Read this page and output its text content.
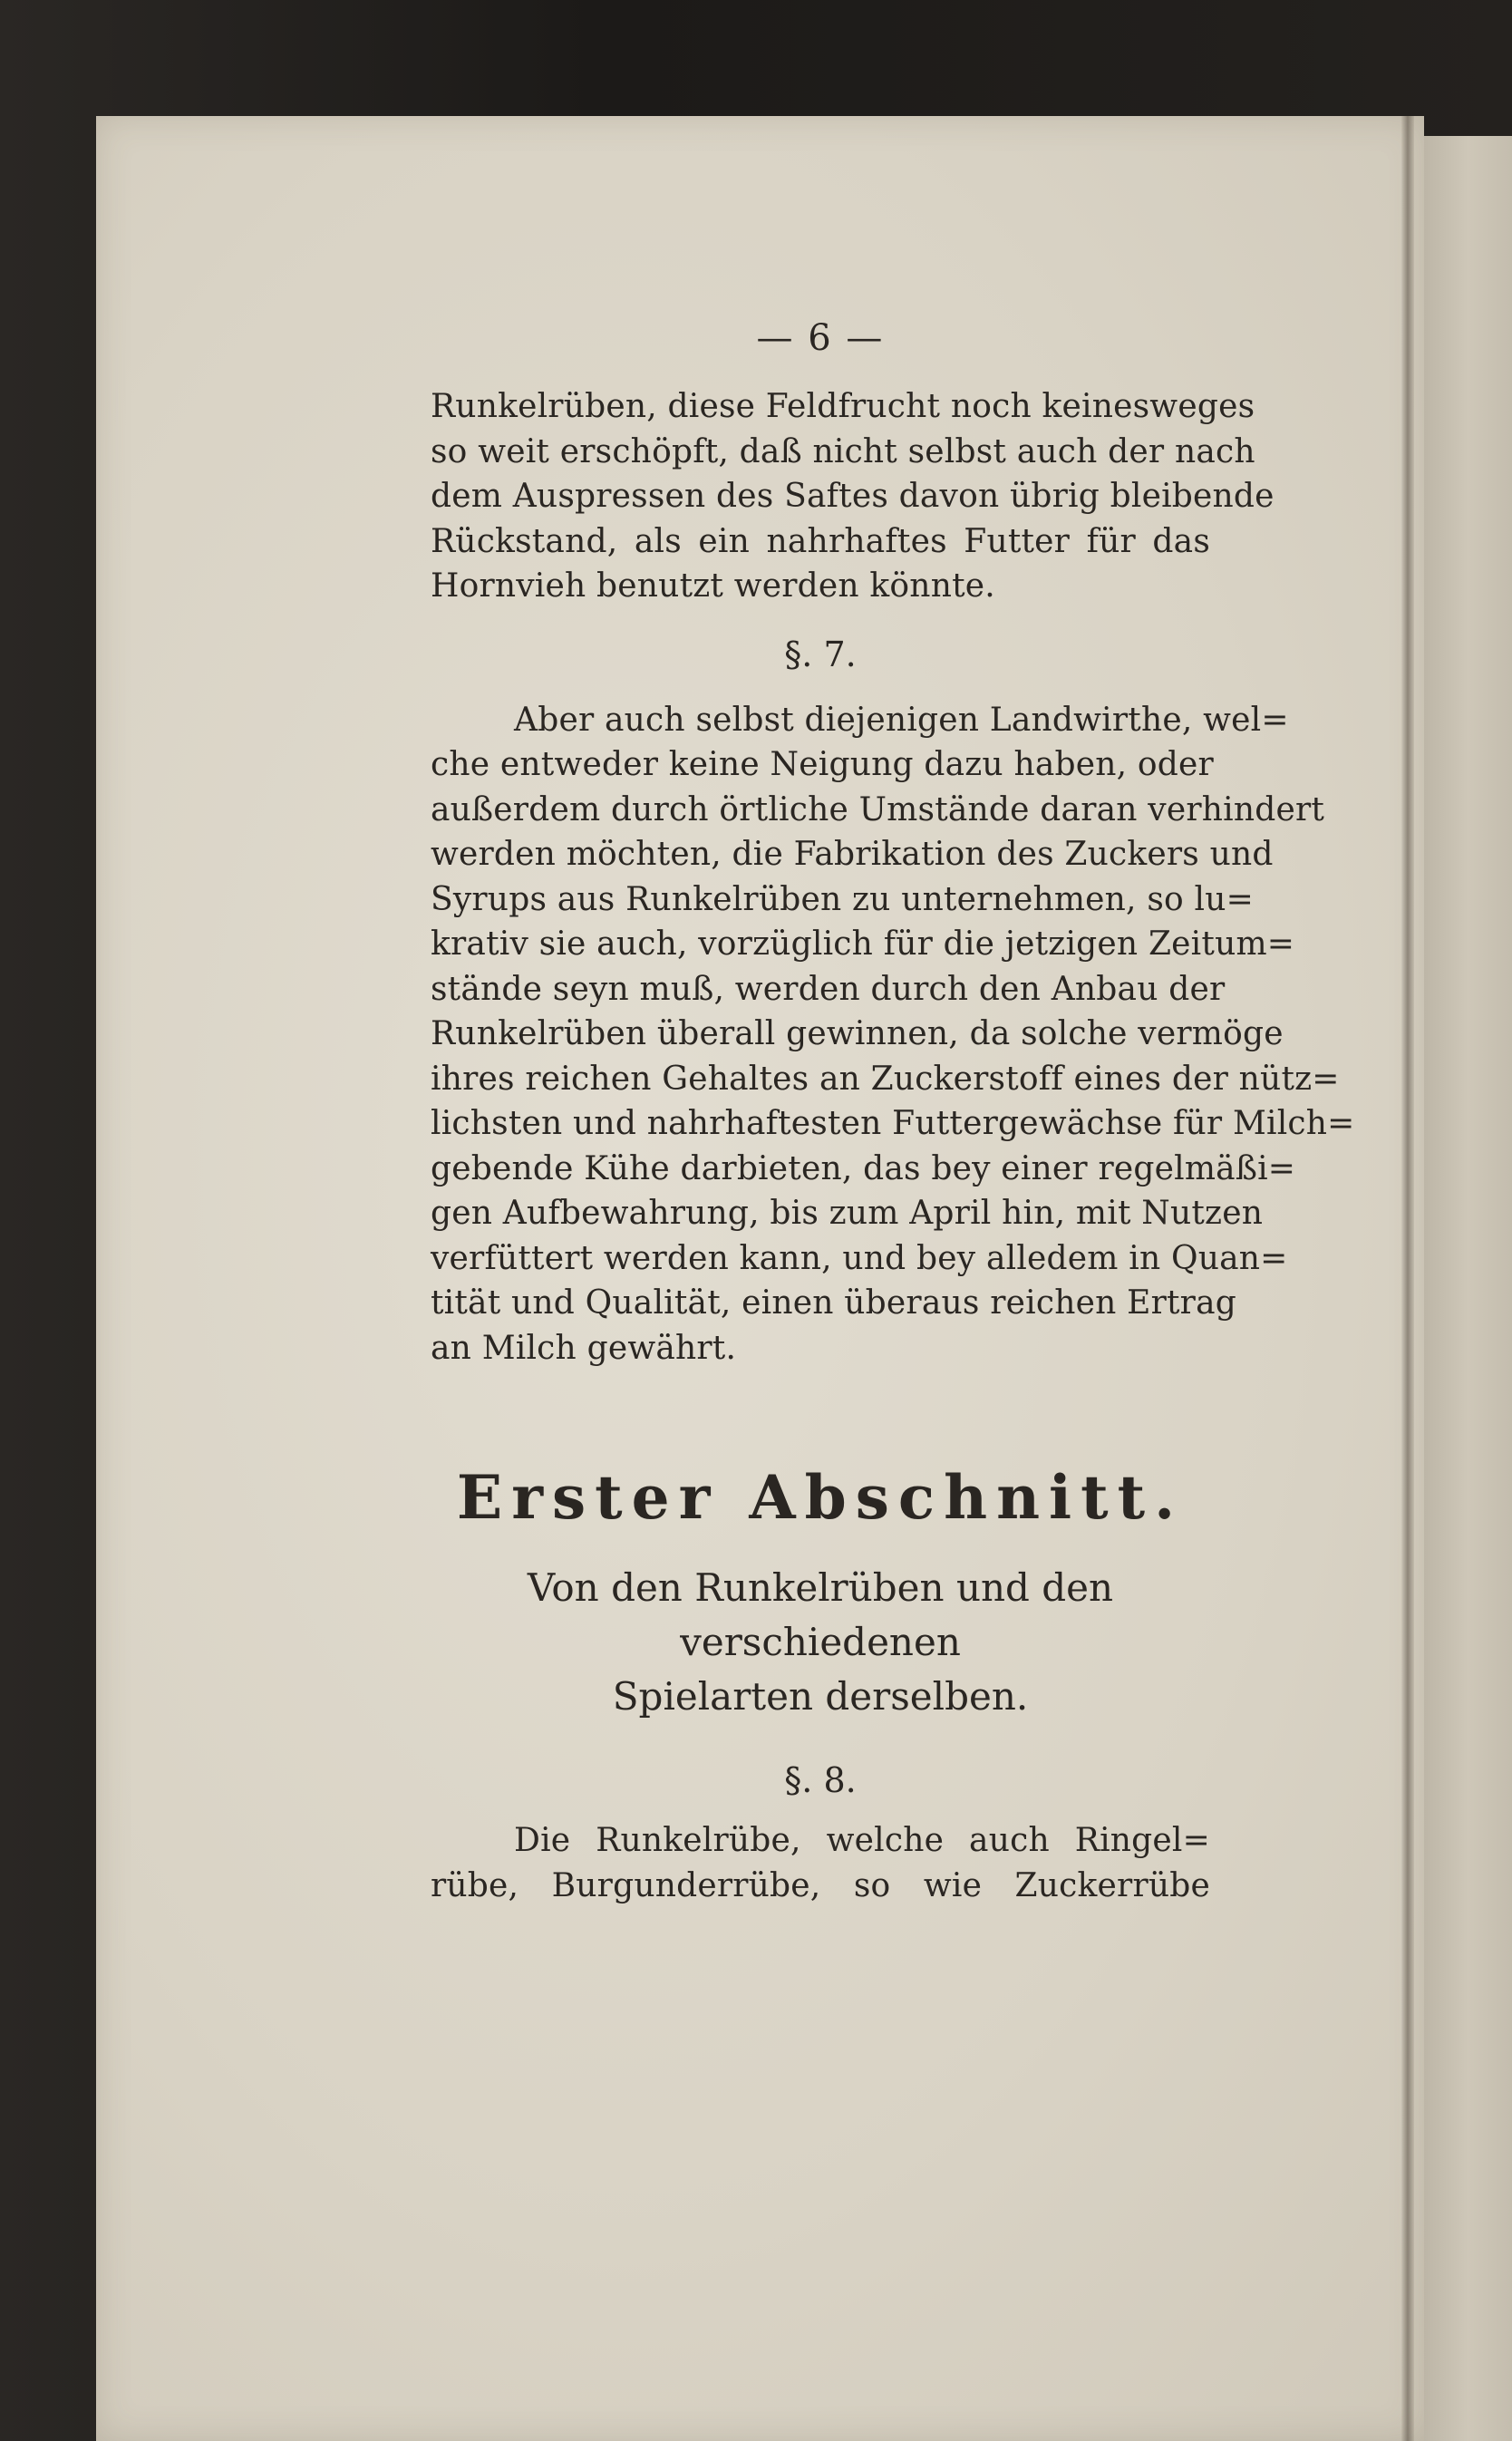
— 6 —

Runkelrüben, diese Feldfrucht noch keinesweges
so weit erschöpft, daß nicht selbst auch der nach
dem Auspressen des Saftes davon übrig bleibende
Rückstand, als ein nahrhaftes Futter für das
Hornvieh benutzt werden könnte.

§. 7.

Aber auch selbst diejenigen Landwirthe, wel=
che entweder keine Neigung dazu haben, oder
außerdem durch örtliche Umstände daran verhindert
werden möchten, die Fabrikation des Zuckers und
Syrups aus Runkelrüben zu unternehmen, so lu=
krativ sie auch, vorzüglich für die jetzigen Zeitum=
stände seyn muß, werden durch den Anbau der
Runkelrüben überall gewinnen, da solche vermöge
ihres reichen Gehaltes an Zuckerstoff eines der nütz=
lichsten und nahrhaftesten Futtergewächse für Milch=
gebende Kühe darbieten, das bey einer regelmäßi=
gen Aufbewahrung, bis zum April hin, mit Nutzen
verfüttert werden kann, und bey alledem in Quan=
tität und Qualität, einen überaus reichen Ertrag
an Milch gewährt.

Erster Abschnitt.
Von den Runkelrüben und den verschiedenen
Spielarten derselben.
§. 8.

Die Runkelrübe, welche auch Ringel=
rübe, Burgunderrübe, so wie Zuckerrübe
